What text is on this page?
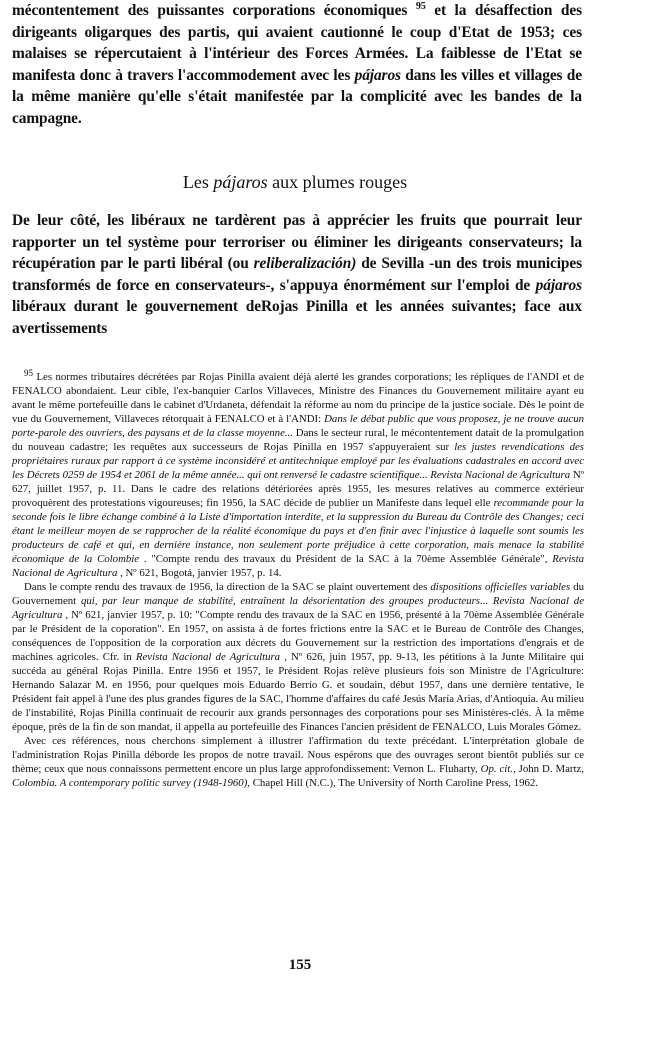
mécontentement des puissantes corporations économiques $^{95}$ et la désaffection des dirigeants oligarques des partis, qui avaient cautionné le coup d'Etat de 1953; ces malaises se répercutaient à l'intérieur des Forces Armées. La faiblesse de l'Etat se manifesta donc à travers l'accommodement avec les pájaros dans les villes et villages de la même manière qu'elle s'était manifestée par la complicité avec les bandes de la campagne.

Les pájaros aux plumes rouges

De leur côté, les libéraux ne tardèrent pas à apprécier les fruits que pourrait leur rapporter un tel système pour terroriser ou éliminer les dirigeants conservateurs; la récupération par le parti libéral (ou reliberalización) de Sevilla -un des trois municipes transformés de force en conservateurs-, s'appuya énormément sur l'emploi de pájaros libéraux durant le gouvernement deRojas Pinilla et les années suivantes; face aux avertissements

$^{95}$ Les normes tributaires décrétées par Rojas Pinilla avaient déjà alerté les grandes corporations; les répliques de l'ANDI et de FENALCO abondaient. Leur cible, l'ex-banquier Carlos Villaveces, Ministre des Finances du Gouvernement militaire ayant eu avant le même portefeuille dans le cabinet d'Urdaneta, défendait la réforme au nom du principe de la justice sociale. Dès le point de vue du Gouvernement, Villaveces rétorquait à FENALCO et à l'ANDI: Dans le débat public que vous proposez, je ne trouve aucun porte-parole des ouvriers, des paysans et de la classe moyenne... Dans le secteur rural, le mécontentement datait de la promulgation du nouveau cadastre; les requêtes aux successeurs de Rojas Pinilla en 1957 s'appuyeraient sur les justes revendications des propriétaires ruraux par rapport à ce système inconsidéré et antitechnique employé par les évaluations cadastrales en accord avec les Décrets 0259 de 1954 et 2061 de la même année... qui ont renversé le cadastre scientifique... Revista Nacional de Agricultura Nº 627, juillet 1957, p. 11. Dans le cadre des relations détériorées après 1955, les mesures relatives au commerce extérieur provoquèrent des protestations vigoureuses; fin 1956, la SAC décide de publier un Manifeste dans lequel elle recommande pour la seconde fois le libre échange combiné à la Liste d'importation interdite, et la suppression du Bureau du Contrôle des Changes; ceci étant le meilleur moyen de se rapprocher de la réalité économique du pays et d'en finir avec l'injustice à laquelle sont soumis les producteurs de café et qui, en dernière instance, non seulement porte préjudice à cette corporation, mais menace la stabilité économique de la Colombie . "Compte rendu des travaux du Président de la SAC à la 70ème Assemblée Générale", Revista Nacional de Agricultura , Nº 621, Bogotá, janvier 1957, p. 14.

Dans le compte rendu des travaux de 1956, la direction de la SAC se plaint ouvertement des dispositions officielles variables du Gouvernement qui, par leur manque de stabilité, entraînent la désorientation des groupes producteurs... Revista Nacional de Agricultura , Nº 621, janvier 1957, p. 10: "Compte rendu des travaux de la SAC en 1956, présenté à la 70ème Assemblée Générale par le Président de la coporation". En 1957, on assista à de fortes frictions entre la SAC et le Bureau de Contrôle des Changes, conséquences de l'opposition de la corporation aux décrets du Gouvernement sur la restriction des importations d'engrais et de machines agricoles. Cfr. in Revista Nacional de Agricultura , Nº 626, juin 1957, pp. 9-13, les pétitions à la Junte Militaire qui succéda au général Rojas Pinilla. Entre 1956 et 1957, le Président Rojas relève plusieurs fois son Ministre de l'Agriculture: Hernando Salazar M. en 1956, pour quelques mois Eduardo Berrío G. et soudain, début 1957, dans une dernière tentative, le Président fait appel à l'une des plus grandes figures de la SAC, l'homme d'affaires du café Jesús María Arias, d'Antioquia. Au milieu de l'instabilité, Rojas Pinilla continuait de recourir aux grands personnages des corporations pour ses Ministères-clés. À la même époque, près de la fin de son mandat, il appella au portefeuille des Finances l'ancien président de FENALCO, Luis Morales Gómez.

Avec ces références, nous cherchons simplement à illustrer l'affirmation du texte précédant. L'interprétation globale de l'administration Rojas Pinilla déborde les propos de notre travail. Nous espérons que des ouvrages seront bientôt publiés sur ce thème; ceux que nous connaissons permettent encore un plus large approfondissement: Vernon L. Fluharty, Op. cit., John D. Martz, Colombia. A contemporary politic survey (1948-1960), Chapel Hill (N.C.), The University of North Caroline Press, 1962.

155
